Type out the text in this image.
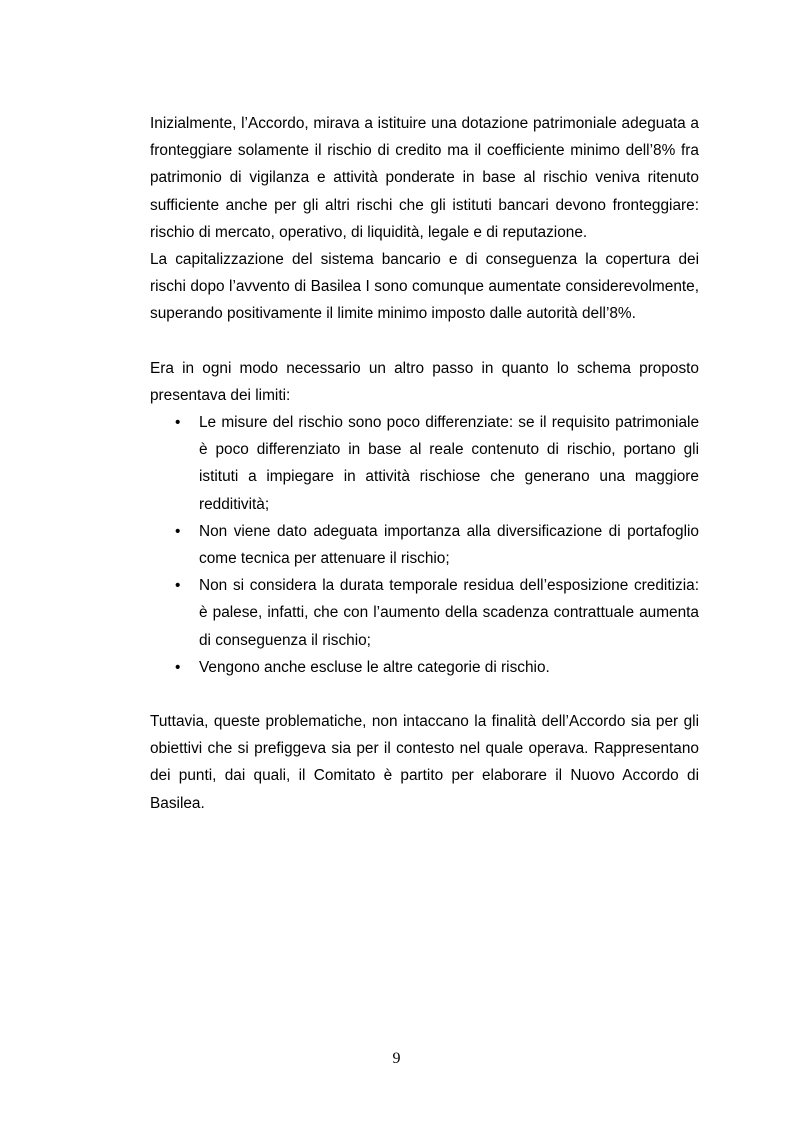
Inizialmente, l’Accordo, mirava a istituire una dotazione patrimoniale adeguata a fronteggiare solamente il rischio di credito ma il coefficiente minimo dell’8% fra patrimonio di vigilanza e attività ponderate in base al rischio veniva ritenuto sufficiente anche per gli altri rischi che gli istituti bancari devono fronteggiare: rischio di mercato, operativo, di liquidità, legale e di reputazione.

La capitalizzazione del sistema bancario e di conseguenza la copertura dei rischi dopo l’avvento di Basilea I sono comunque aumentate considerevolmente, superando positivamente il limite minimo imposto dalle autorità dell’8%.

Era in ogni modo necessario un altro passo in quanto lo schema proposto presentava dei limiti:

• Le misure del rischio sono poco differenziate: se il requisito patrimoniale è poco differenziato in base al reale contenuto di rischio, portano gli istituti a impiegare in attività rischiose che generano una maggiore redditività;
• Non viene dato adeguata importanza alla diversificazione di portafoglio come tecnica per attenuare il rischio;
• Non si considera la durata temporale residua dell’esposizione creditizia: è palese, infatti, che con l’aumento della scadenza contrattuale aumenta di conseguenza il rischio;
• Vengono anche escluse le altre categorie di rischio.

Tuttavia, queste problematiche, non intaccano la finalità dell’Accordo sia per gli obiettivi che si prefiggeva sia per il contesto nel quale operava. Rappresentano dei punti, dai quali, il Comitato è partito per elaborare il Nuovo Accordo di Basilea.

9
